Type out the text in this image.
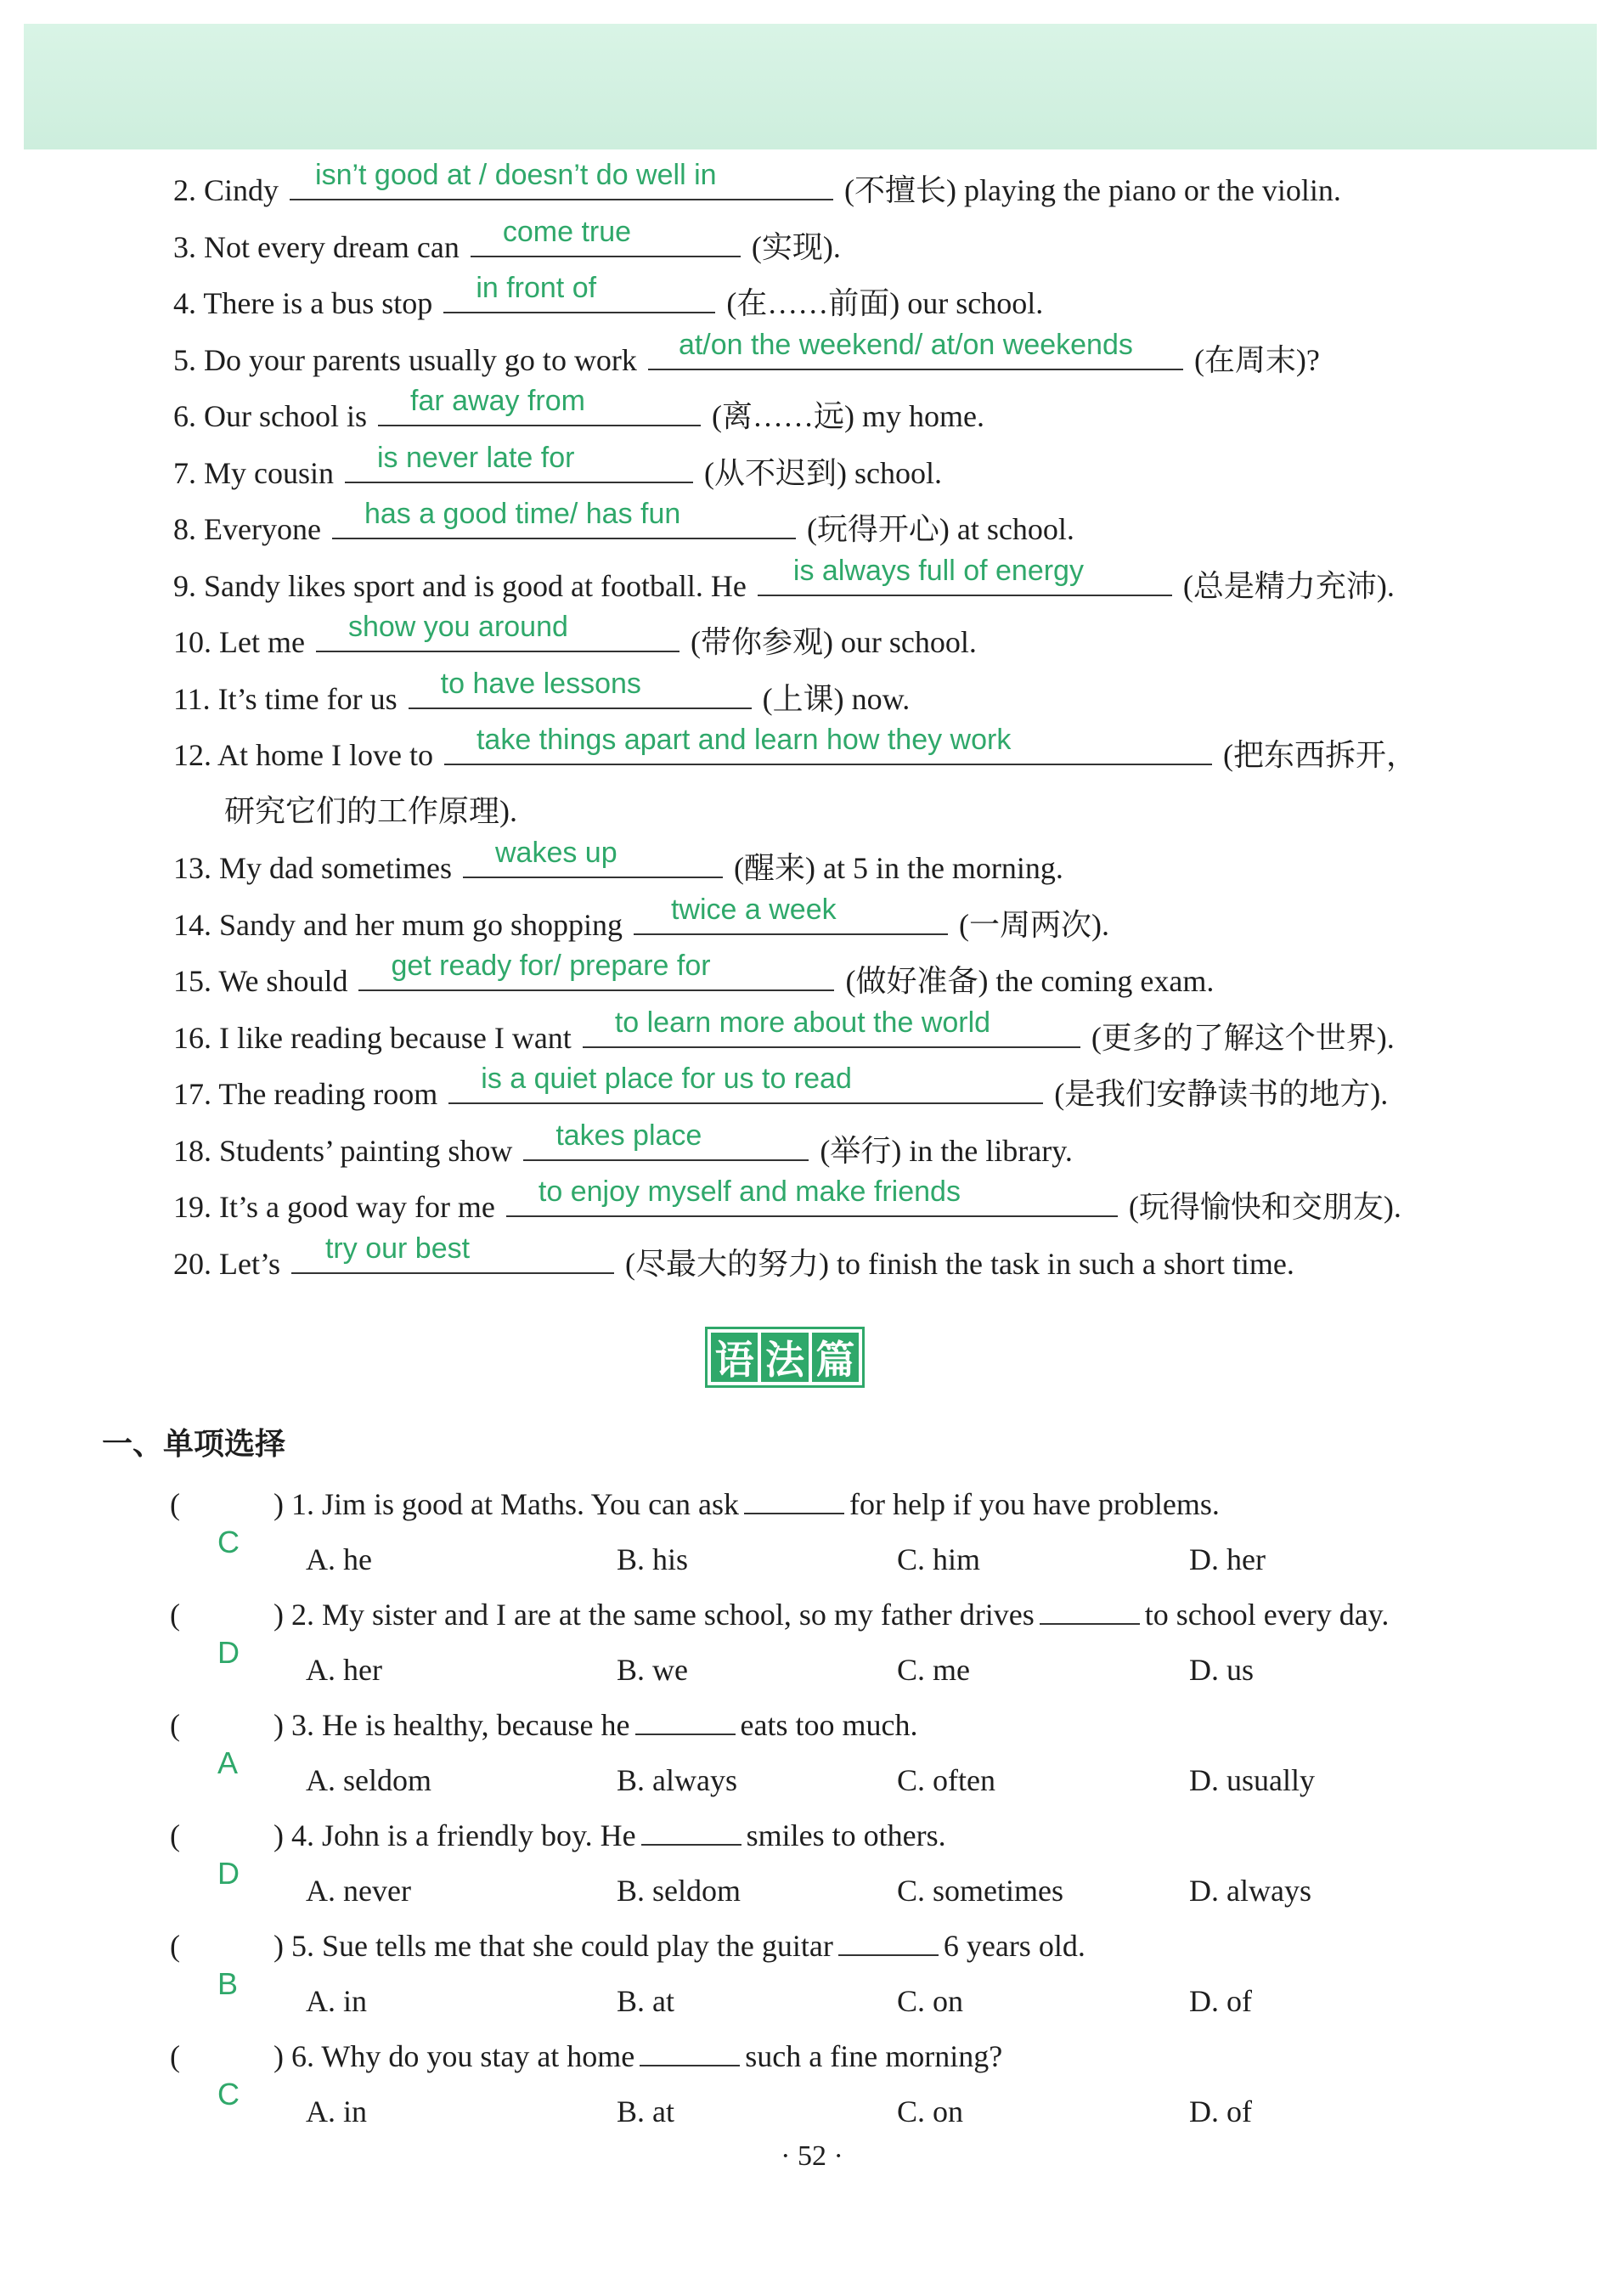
2. Cindy isn’t good at / doesn’t do well in	(不擅长) playing the piano or the violin.
3. Not every dream can come true	(实现).
4. There is a bus stop in front of	(在……前面) our school.
5. Do your parents usually go to work at/on the weekend/ at/on weekends (在周末)?
6. Our school is far away from	(离……远) my home.
7. My cousin is never late for	(从不迟到) school.
8. Everyone has a good time/ has fun	(玩得开心) at school.
9. Sandy likes sport and is good at football. He is always full of energy	(总是精力充沛).
10. Let me show you around	(带你参观) our school.
11. It’s time for us to have lessons	(上课) now.
12. At home I love to take things apart and learn how they work	(把东西拆开，
研究它们的工作原理).
13. My dad sometimes wakes up	(醒来) at 5 in the morning.
14. Sandy and her mum go shopping twice a week	(一周两次).
15. We should get ready for/ prepare for	(做好准备) the coming exam.
16. I like reading because I want to learn more about the world	(更多的了解这个世界).
17. The reading room is a quiet place for us to read	(是我们安静读书的地方).
18. Students’ painting show takes place	(举行) in the library.
19. It’s a good way for me to enjoy myself and make friends	(玩得愉快和交朋友).
20. Let’s try our best	(尽最大的努力) to finish the task in such a short time.
语 法 篇
一、单项选择
(
C
) 1. Jim is good at Maths. You can ask	for help if you have problems.
A. he	B. his	C. him	D. her
(
D
) 2. My sister and I are at the same school, so my father drives	to school every day.
A. her	B. we	C. me	D. us
(
A
) 3. He is healthy, because he	eats too much.
A. seldom	B. always	C. often	D. usually
(
D
) 4. John is a friendly boy. He	smiles to others.
A. never	B. seldom	C. sometimes	D. always
(
B
) 5. Sue tells me that she could play the guitar	6 years old.
A. in	B. at	C. on	D. of
(
C
) 6. Why do you stay at home	such a fine morning?
A. in	B. at	C. on	D. of
· 52 ·
